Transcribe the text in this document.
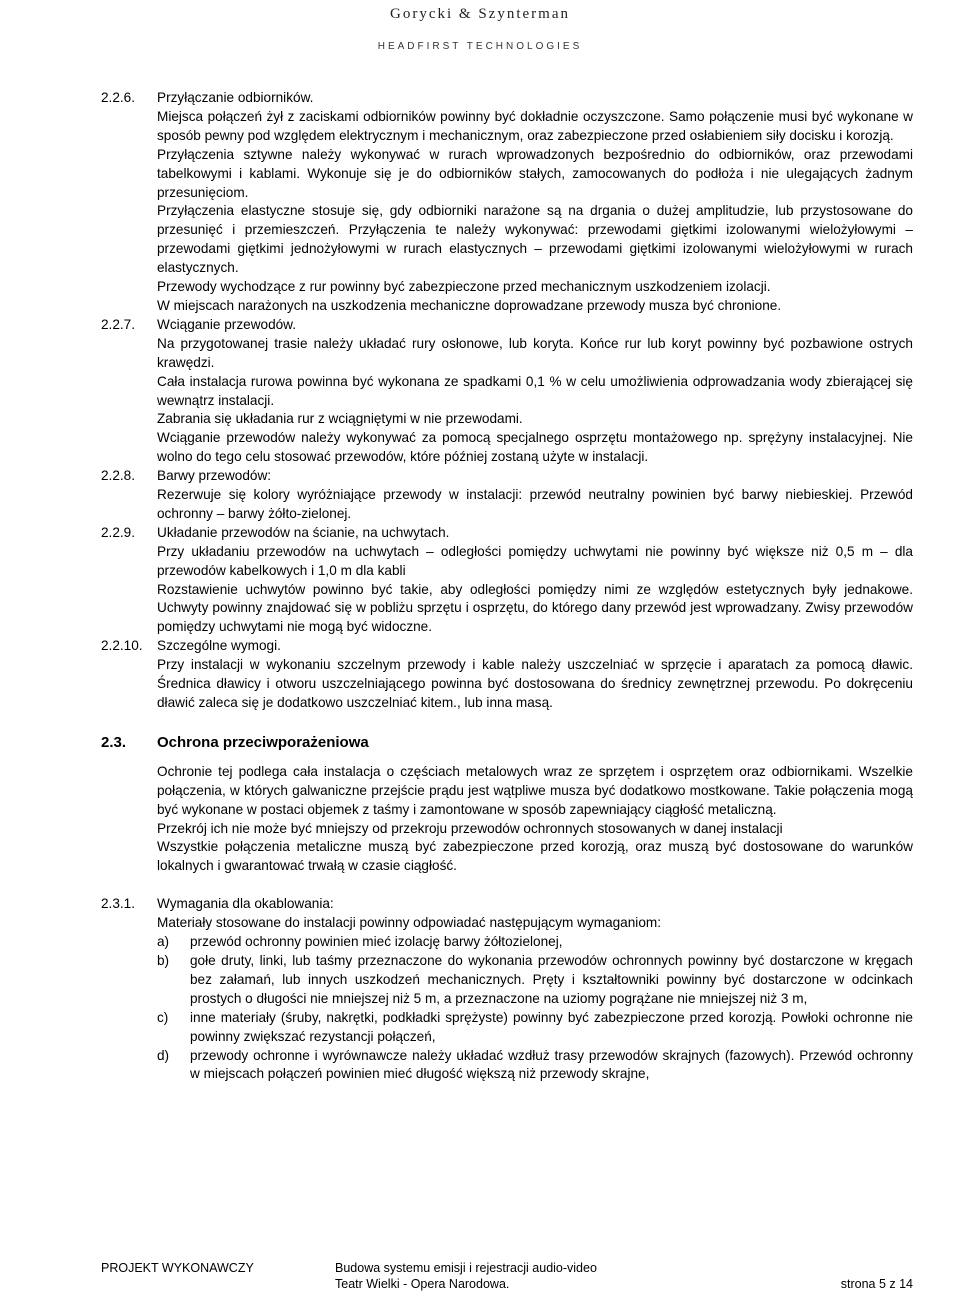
Gorycki & Szynterman
HEADFIRST TECHNOLOGIES
2.2.6.	Przyłączanie odbiorników.
Miejsca połączeń żył z zaciskami odbiorników powinny być dokładnie oczyszczone. Samo połączenie musi być wykonane w sposób pewny pod względem elektrycznym i mechanicznym, oraz zabezpieczone przed osłabieniem siły docisku i korozją.
Przyłączenia sztywne należy wykonywać w rurach wprowadzonych bezpośrednio do odbiorników, oraz przewodami tabelkowymi i kablami. Wykonuje się je do odbiorników stałych, zamocowanych do podłoża i nie ulegających żadnym przesunięciom.
Przyłączenia elastyczne stosuje się, gdy odbiorniki narażone są na drgania o dużej amplitudzie, lub przystosowane do przesunięć i przemieszczeń. Przyłączenia te należy wykonywać: przewodami giętkimi izolowanymi wielożyłowymi – przewodami giętkimi jednożyłowymi w rurach elastycznych – przewodami giętkimi izolowanymi wielożyłowymi w rurach elastycznych.
Przewody wychodzące z rur powinny być zabezpieczone przed mechanicznym uszkodzeniem izolacji.
W miejscach narażonych na uszkodzenia mechaniczne doprowadzane przewody musza być chronione.
2.2.7.	Wciąganie przewodów.
Na przygotowanej trasie należy układać rury osłonowe, lub koryta. Końce rur lub koryt powinny być pozbawione ostrych krawędzi.
Cała instalacja rurowa powinna być wykonana ze spadkami 0,1 % w celu umożliwienia odprowadzania wody zbierającej się wewnątrz instalacji.
Zabrania się układania rur z wciągniętymi w nie przewodami.
Wciąganie przewodów należy wykonywać za pomocą specjalnego osprzętu montażowego np. sprężyny instalacyjnej. Nie wolno do tego celu stosować przewodów, które później zostaną użyte w instalacji.
2.2.8.	Barwy przewodów:
Rezerwuje się kolory wyróżniające przewody w instalacji: przewód neutralny powinien być barwy niebieskiej. Przewód ochronny – barwy żółto-zielonej.
2.2.9.	Układanie przewodów na ścianie, na uchwytach.
Przy układaniu przewodów na uchwytach – odległości pomiędzy uchwytami nie powinny być większe niż 0,5 m – dla przewodów kabelkowych i 1,0 m dla kabli
Rozstawienie uchwytów powinno być takie, aby odległości pomiędzy nimi ze względów estetycznych były jednakowe. Uchwyty powinny znajdować się w pobliżu sprzętu i osprzętu, do którego dany przewód jest wprowadzany. Zwisy przewodów pomiędzy uchwytami nie mogą być widoczne.
2.2.10.	Szczególne wymogi.
Przy instalacji w wykonaniu szczelnym przewody i kable należy uszczelniać w sprzęcie i aparatach za pomocą dławic. Średnica dławicy i otworu uszczelniającego powinna być dostosowana do średnicy zewnętrznej przewodu. Po dokręceniu dławić zaleca się je dodatkowo uszczelniać kitem., lub inna masą.
2.3.	Ochrona przeciwporażeniowa
Ochronie tej podlega cała instalacja o częściach metalowych wraz ze sprzętem i osprzętem oraz odbiornikami. Wszelkie połączenia, w których galwaniczne przejście prądu jest wątpliwe musza być dodatkowo mostkowane. Takie połączenia mogą być wykonane w postaci objemek z taśmy i zamontowane w sposób zapewniający ciągłość metaliczną.
Przekrój ich nie może być mniejszy od przekroju przewodów ochronnych stosowanych w danej instalacji
Wszystkie połączenia metaliczne muszą być zabezpieczone przed korozją, oraz muszą być dostosowane do warunków lokalnych i gwarantować trwałą w czasie ciągłość.
2.3.1.	Wymagania dla okablowania:
Materiały stosowane do instalacji powinny odpowiadać następującym wymaganiom:
a)	przewód ochronny powinien mieć izolację barwy żółtozielonej,
b)	gołe druty, linki, lub taśmy przeznaczone do wykonania przewodów ochronnych powinny być dostarczone w kręgach bez załamań, lub innych uszkodzeń mechanicznych. Pręty i kształtowniki powinny być dostarczone w odcinkach prostych o długości nie mniejszej niż 5 m, a przeznaczone na uziomy pogrążane nie mniejszej niż 3 m,
c)	inne materiały (śruby, nakrętki, podkładki sprężyste) powinny być zabezpieczone przed korozją. Powłoki ochronne nie powinny zwiększać rezystancji połączeń,
d)	przewody ochronne i wyrównawcze należy układać wzdłuż trasy przewodów skrajnych (fazowych). Przewód ochronny w miejscach połączeń powinien mieć długość większą niż przewody skrajne,
PROJEKT WYKONAWCZY	Budowa systemu emisji i rejestracji audio-video
Teatr Wielki - Opera Narodowa.	strona 5 z 14
